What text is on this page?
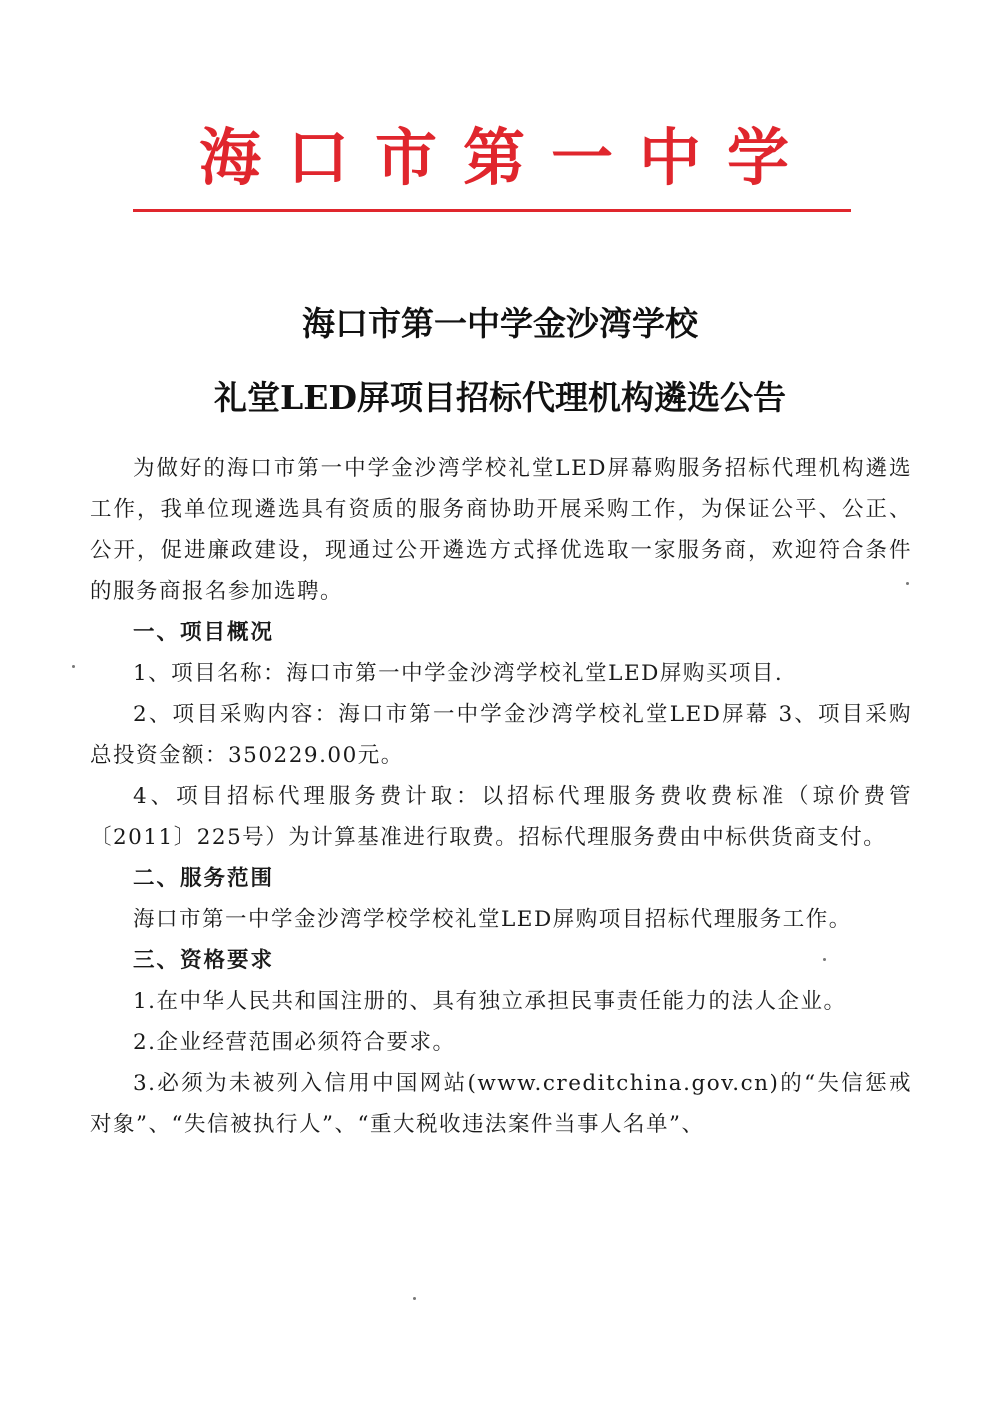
海口市第一中学
海口市第一中学金沙湾学校
礼堂LED屏项目招标代理机构遴选公告

为做好的海口市第一中学金沙湾学校礼堂LED屏幕购服务招标代理机构遴选工作，我单位现遴选具有资质的服务商协助开展采购工作，为保证公平、公正、公开，促进廉政建设，现通过公开遴选方式择优选取一家服务商，欢迎符合条件的服务商报名参加选聘。

一、项目概况

1、项目名称：海口市第一中学金沙湾学校礼堂LED屏购买项目.

2、项目采购内容：海口市第一中学金沙湾学校礼堂LED屏幕 3、项目采购总投资金额：350229.00元。

4、项目招标代理服务费计取：以招标代理服务费收费标准（琼价费管〔2011〕225号）为计算基准进行取费。招标代理服务费由中标供货商支付。

二、服务范围

海口市第一中学金沙湾学校学校礼堂LED屏购项目招标代理服务工作。

三、资格要求

1.在中华人民共和国注册的、具有独立承担民事责任能力的法人企业。

2.企业经营范围必须符合要求。

3.必须为未被列入信用中国网站(www.creditchina.gov.cn)的“失信惩戒对象”、“失信被执行人”、“重大税收违法案件当事人名单”、
